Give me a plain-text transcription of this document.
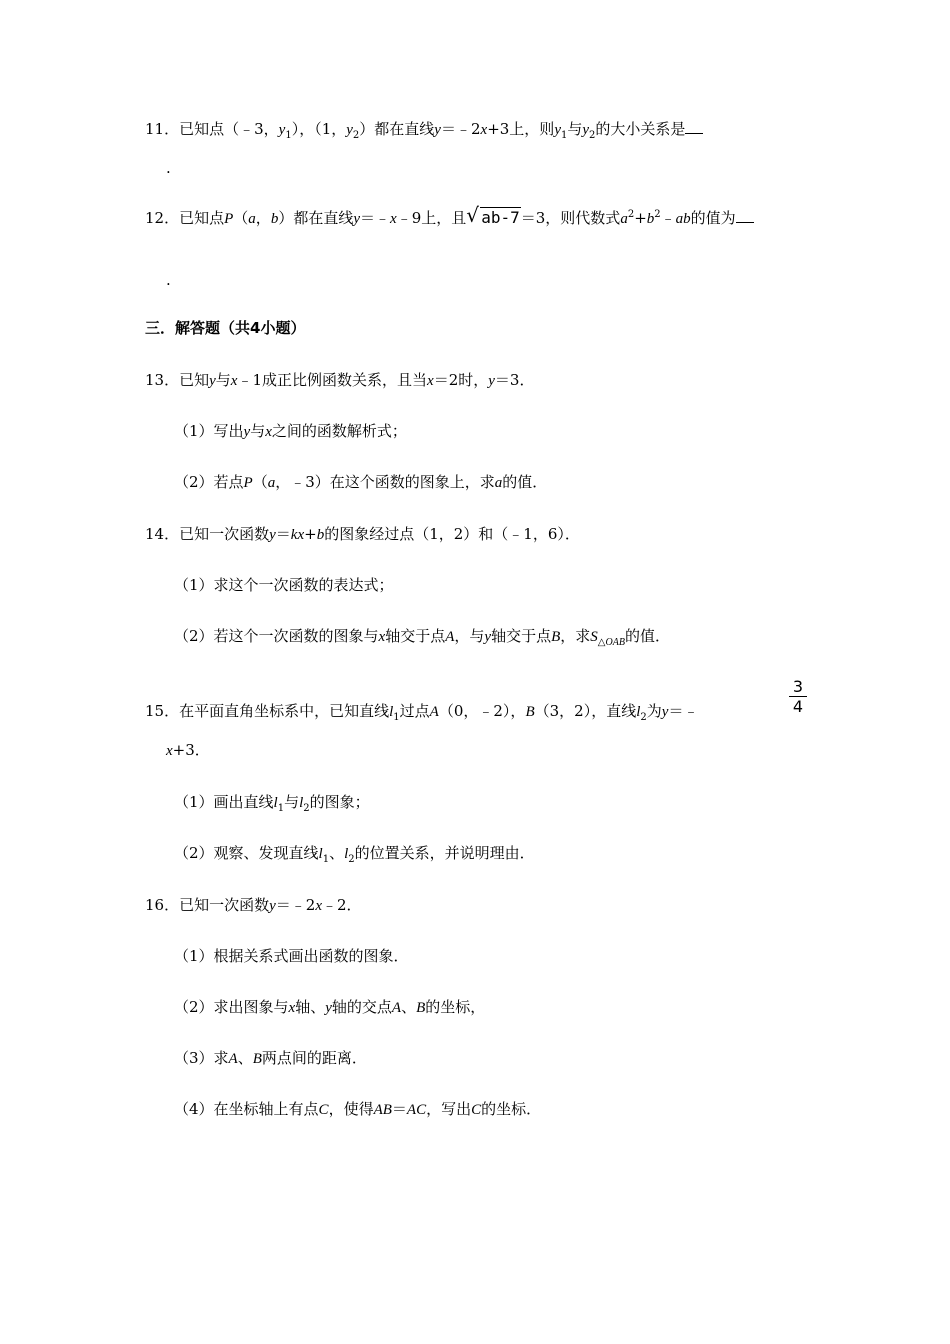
11．已知点（﹣3，$y_1$），（1，$y_2$）都在直线y＝﹣2x+3上，则$y_1$与$y_2$的大小关系是
.
12．已知点P（a，b）都在直线y＝﹣x﹣9上，且 √ ab-7＝3，则代数式$a^2+b^2﹣ab$的值为
.
三．解答题（共4小题）
13．已知y与x﹣1成正比例函数关系，且当x＝2时，y＝3．
（1）写出y与x之间的函数解析式；
（2）若点P（a，﹣3）在这个函数的图象上，求a的值．
14．已知一次函数y＝kx+b的图象经过点（1，2）和（﹣1，6）．
（1）求这个一次函数的表达式；
（2）若这个一次函数的图象与x轴交于点A，与y轴交于点B，求$S_{\triangle OAB}$的值．
15．在平面直角坐标系中，已知直线$l_1$过点A（0，﹣2），B（3，2），直线$l_2$为y＝﹣	$\frac{3}{4}$
x+3．
（1）画出直线$l_1$与$l_2$的图象；
（2）观察、发现直线$l_1$、$l_2$的位置关系，并说明理由．
16．已知一次函数y＝﹣2x﹣2．
（1）根据关系式画出函数的图象．
（2）求出图象与x轴、y轴的交点A、B的坐标，
（3）求A、B两点间的距离．
（4）在坐标轴上有点C，使得AB＝AC，写出C的坐标．
